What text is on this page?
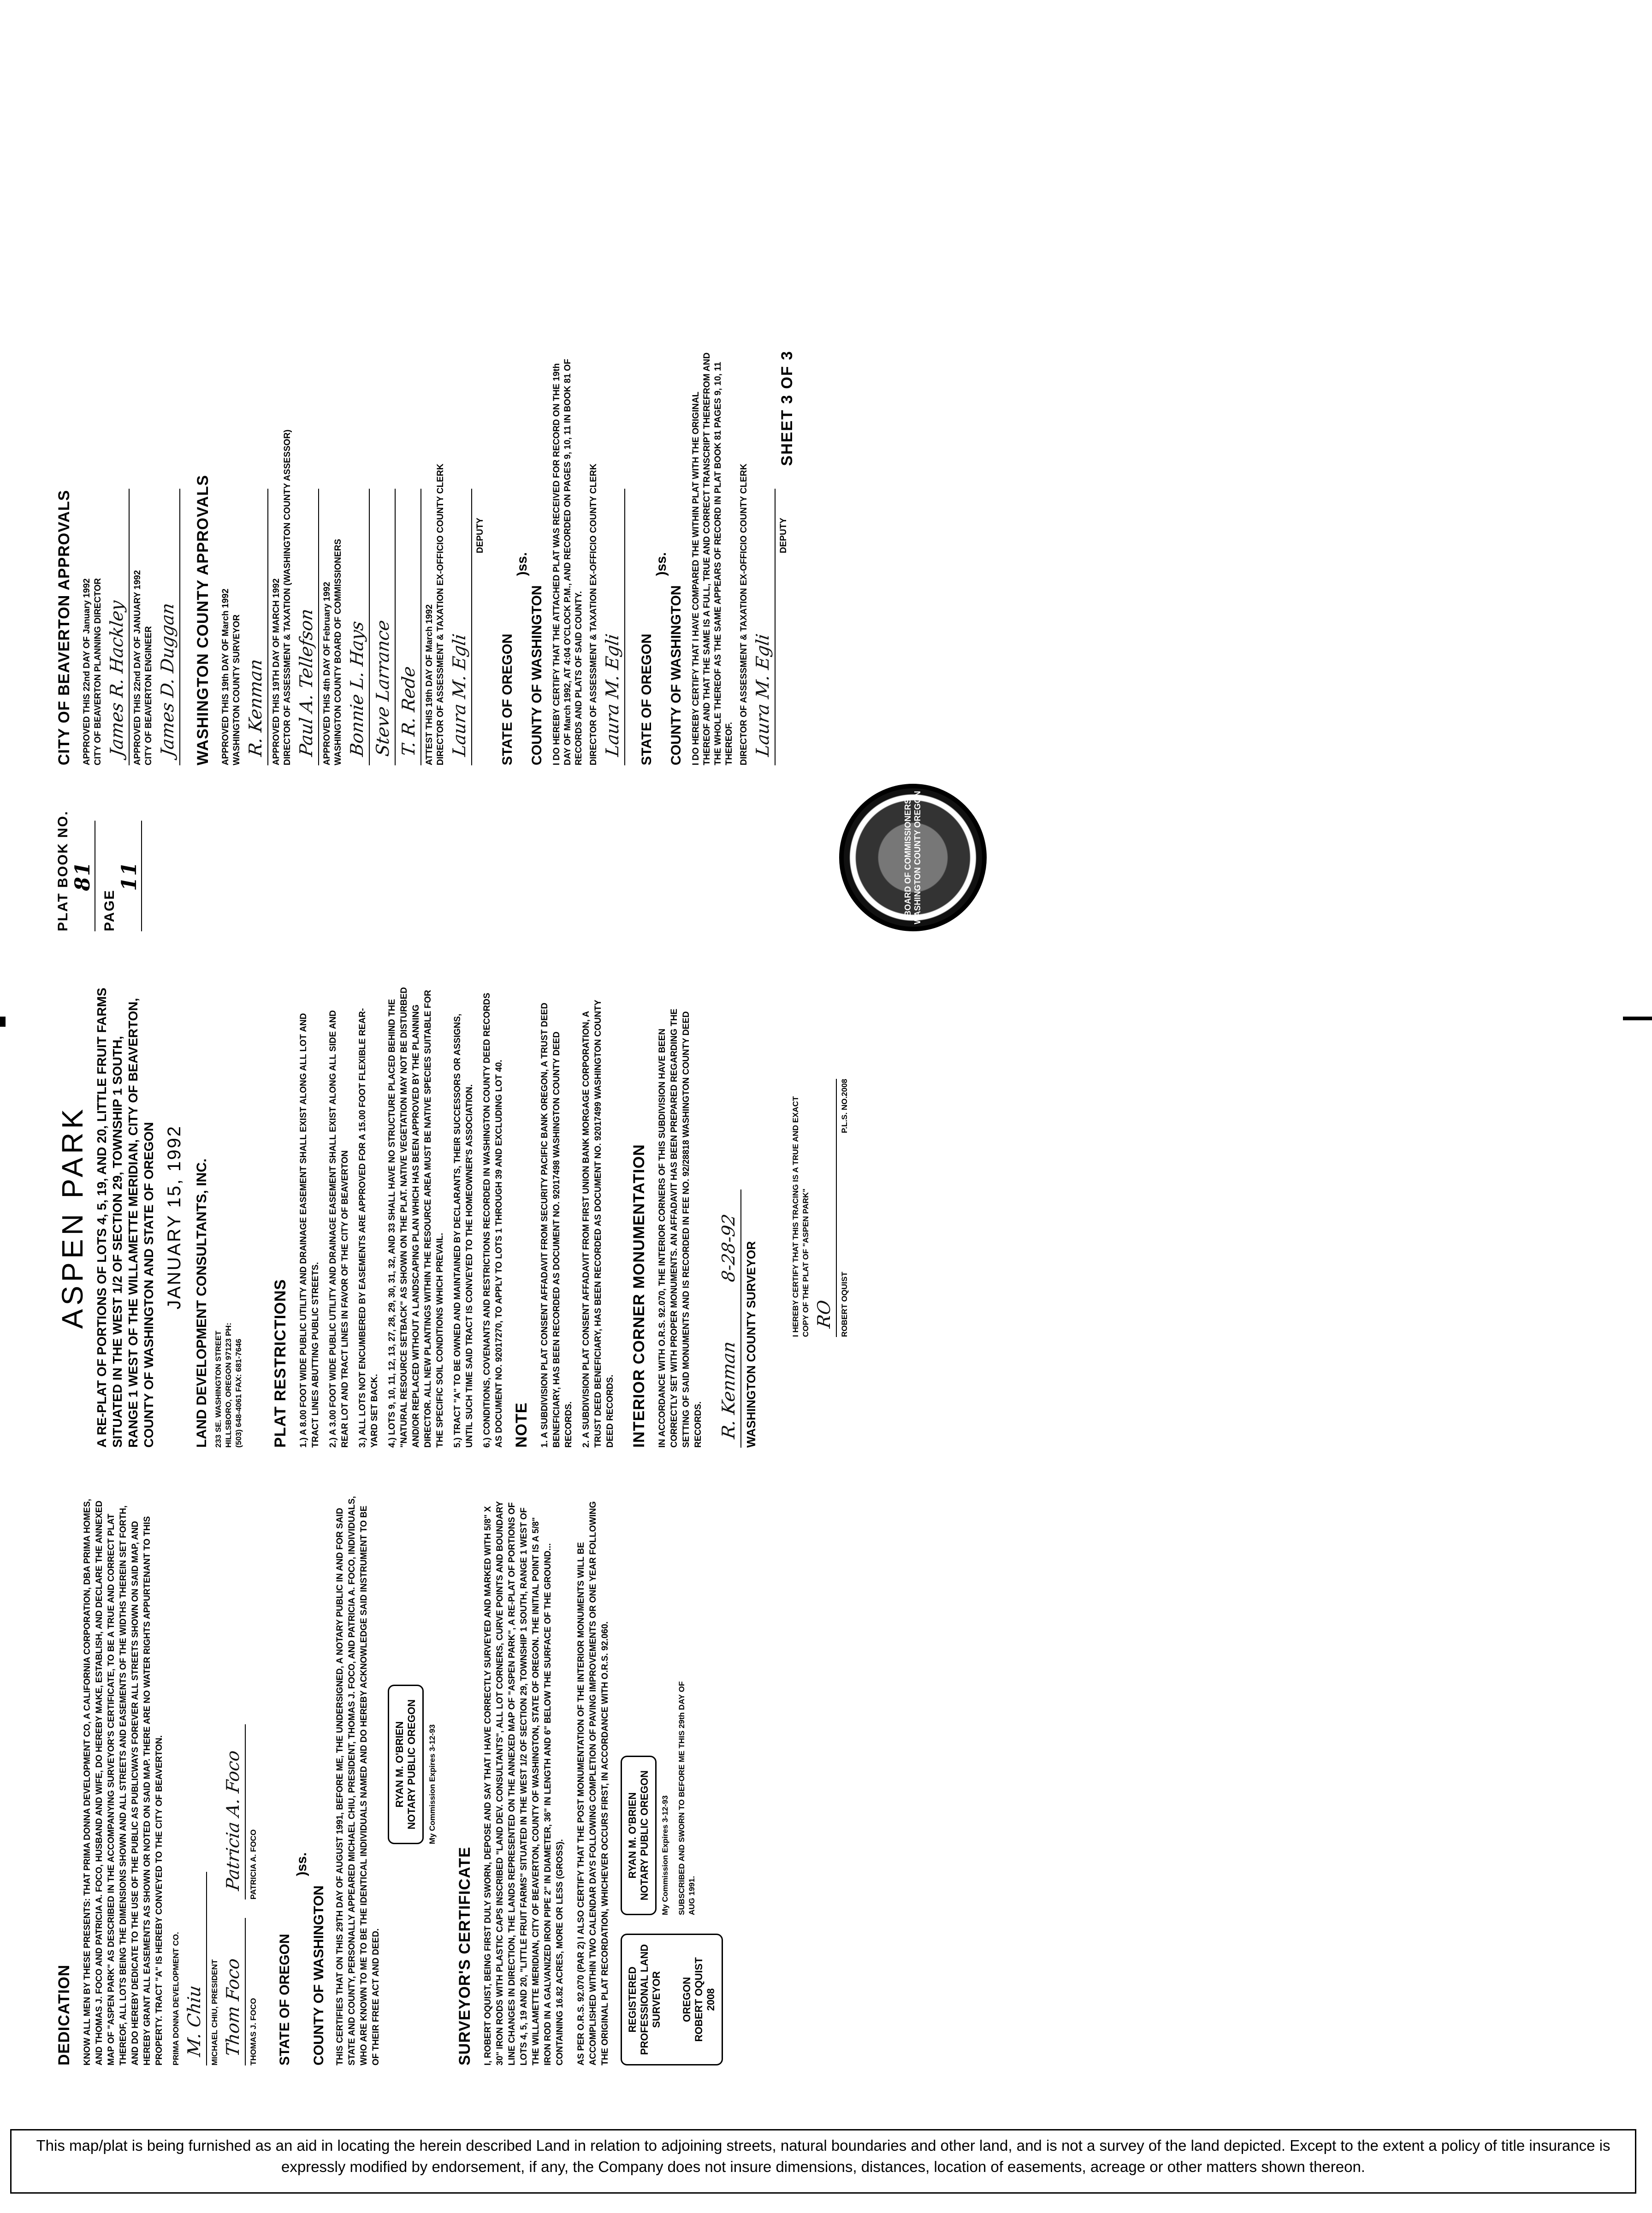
DEDICATION KNOW ALL MEN BY THESE PRESENTS: THAT PRIMA DONNA DEVELOPMENT CO, A CALIFORNIA CORPORATION, DBA PRIMA HOMES, AND THOMAS J. FOCO AND PATRICIA A. FOCO, HUSBAND AND WIFE, DO HEREBY MAKE, ESTABLISH, AND DECLARE THE ANNEXED MAP OF "ASPEN PARK" AS DESCRIBED IN THE ACCOMPANYING SURVEYOR'S CERTIFICATE, TO BE A TRUE AND CORRECT PLAT THEREOF, ALL LOTS BEING THE DIMENSIONS SHOWN AND ALL STREETS AND EASEMENTS OF THE WIDTHS THEREIN SET FORTH, AND DO HEREBY DEDICATE TO THE USE OF THE PUBLIC AS PUBLICWAYS FOREVER ALL STREETS SHOWN ON SAID MAP, AND HEREBY GRANT ALL EASEMENTS AS SHOWN OR NOTED ON SAID MAP. THERE ARE NO WATER RIGHTS APPURTENANT TO THIS PROPERTY. TRACT "A" IS HEREBY CONVEYED TO THE CITY OF BEAVERTON. PRIMA DONNA DEVELOPMENT CO. M. Chiu MICHAEL CHIU, PRESIDENT Thom Foco THOMAS J. FOCO
Patricia A. Foco PATRICIA A. FOCO
STATE OF OREGON COUNTY OF WASHINGTON
)ss.	THIS CERTIFIES THAT ON THIS 29TH DAY OF AUGUST 1991, BEFORE ME, THE UNDERSIGNED, A NOTARY PUBLIC IN AND FOR SAID STATE AND COUNTY, PERSONALLY APPEARED MICHAEL CHIU, PRESIDENT, THOMAS J. FOCO, AND PATRICIA A. FOCO, INDIVIDUALS, WHO ARE KNOWN TO ME TO BE THE IDENTICAL INDIVIDUALS NAMED AND DO HEREBY ACKNOWLEDGE SAID INSTRUMENT TO BE OF THEIR FREE ACT AND DEED.
RYAN M. O'BRIEN NOTARY PUBLIC OREGON My Commission Expires 3-12-93
SURVEYOR'S CERTIFICATE I, ROBERT OQUIST, BEING FIRST DULY SWORN, DEPOSE AND SAY THAT I HAVE CORRECTLY SURVEYED AND MARKED WITH 5/8" X 30" IRON RODS WITH PLASTIC CAPS INSCRIBED "LAND DEV. CONSULTANTS", ALL LOT CORNERS, CURVE POINTS AND BOUNDARY LINE CHANGES IN DIRECTION, THE LANDS REPRESENTED ON THE ANNEXED MAP OF "ASPEN PARK", A RE-PLAT OF PORTIONS OF LOTS 4, 5, 19 AND 20, "LITTLE FRUIT FARMS" SITUATED IN THE WEST 1/2 OF SECTION 29, TOWNSHIP 1 SOUTH, RANGE 1 WEST OF THE WILLAMETTE MERIDIAN, CITY OF BEAVERTON, COUNTY OF WASHINGTON, STATE OF OREGON. THE INITIAL POINT IS A 5/8" IRON ROD IN A GALVANIZED IRON PIPE 2" IN DIAMETER, 36" IN LENGTH AND 6" BELOW THE SURFACE OF THE GROUND... CONTAINING 16.82 ACRES, MORE OR LESS (GROSS). AS PER O.R.S. 92.070 (PAR 2) I ALSO CERTIFY THAT THE POST MONUMENTATION OF THE INTERIOR MONUMENTS WILL BE ACCOMPLISHED WITHIN TWO CALENDAR DAYS FOLLOWING COMPLETION OF PAVING IMPROVEMENTS OR ONE YEAR FOLLOWING THE ORIGINAL PLAT RECORDATION, WHICHEVER OCCURS FIRST, IN ACCORDANCE WITH O.R.S. 92.060. REGISTERED PROFESSIONAL LAND SURVEYOR OREGON ROBERT OQUIST 2008
RYAN M. O'BRIEN NOTARY PUBLIC OREGON My Commission Expires 3-12-93 SUBSCRIBED AND SWORN TO BEFORE ME THIS 29th DAY OF AUG 1991.
ASPEN PARK A RE-PLAT OF PORTIONS OF LOTS 4, 5, 19, AND 20, LITTLE FRUIT FARMS SITUATED IN THE WEST 1/2 OF SECTION 29, TOWNSHIP 1 SOUTH, RANGE 1 WEST OF THE WILLAMETTE MERIDIAN, CITY OF BEAVERTON, COUNTY OF WASHINGTON AND STATE OF OREGON JANUARY 15, 1992 LAND DEVELOPMENT CONSULTANTS, INC. 233 SE. WASHINGTON STREET HILLSBORO, OREGON 97123 PH: (503) 648-4061 FAX: 681-7646 PLAT RESTRICTIONS 1.) A 8.00 FOOT WIDE PUBLIC UTILITY AND DRAINAGE EASEMENT SHALL EXIST ALONG ALL LOT AND TRACT LINES ABUTTING PUBLIC STREETS. 2.) A 3.00 FOOT WIDE PUBLIC UTILITY AND DRAINAGE EASEMENT SHALL EXIST ALONG ALL SIDE AND REAR LOT AND TRACT LINES IN FAVOR OF THE CITY OF BEAVERTON 3.) ALL LOTS NOT ENCUMBERED BY EASEMENTS ARE APPROVED FOR A 15.00 FOOT FLEXIBLE REAR-YARD SET BACK. 4.) LOTS 9, 10, 11, 12, 13, 27, 28, 29, 30, 31, 32, AND 33 SHALL HAVE NO STRUCTURE PLACED BEHIND THE "NATURAL RESOURCE SETBACK" AS SHOWN ON THE PLAT. NATIVE VEGETATION MAY NOT BE DISTURBED AND/OR REPLACED WITHOUT A LANDSCAPING PLAN WHICH HAS BEEN APPROVED BY THE PLANNING DIRECTOR. ALL NEW PLANTINGS WITHIN THE RESOURCE AREA MUST BE NATIVE SPECIES SUITABLE FOR THE SPECIFIC SOIL CONDITIONS WHICH PREVAIL. 5.) TRACT "A" TO BE OWNED AND MAINTAINED BY DECLARANTS, THEIR SUCCESSORS OR ASSIGNS, UNTIL SUCH TIME SAID TRACT IS CONVEYED TO THE HOMEOWNER'S ASSOCIATION. 6.) CONDITIONS, COVENANTS AND RESTRICTIONS RECORDED IN WASHINGTON COUNTY DEED RECORDS AS DOCUMENT NO. 92017270, TO APPLY TO LOTS 1 THROUGH 39 AND EXCLUDING LOT 40. NOTE 1. A SUBDIVISION PLAT CONSENT AFFADAVIT FROM SECURITY PACIFIC BANK OREGON, A TRUST DEED BENEFICIARY, HAS BEEN RECORDED AS DOCUMENT NO. 92017498 WASHINGTON COUNTY DEED RECORDS. 2. A SUBDIVISION PLAT CONSENT AFFADAVIT FROM FIRST UNION BANK MORGAGE CORPORATION, A TRUST DEED BENEFICIARY, HAS BEEN RECORDED AS DOCUMENT NO. 92017499 WASHINGTON COUNTY DEED RECORDS. INTERIOR CORNER MONUMENTATION IN ACCORDANCE WITH O.R.S. 92.070, THE INTERIOR CORNERS OF THIS SUBDIVISION HAVE BEEN CORRECTLY SET WITH PROPER MONUMENTS. AN AFFADAVIT HAS BEEN PREPARED REGARDING THE SETTING OF SAID MONUMENTS AND IS RECORDED IN FEE NO. 92/28818 WASHINGTON COUNTY DEED RECORDS. R. Kenman
8-28-92 WASHINGTON COUNTY SURVEYOR
I HEREBY CERTIFY THAT THIS TRACING IS A TRUE AND EXACT COPY OF THE PLAT OF "ASPEN PARK" RO ROBERT OQUIST
P.L.S. NO.2008
PLAT BOOK NO. 81
PAGE 11	BOARD OF COMMISSIONERS WASHINGTON COUNTY OREGON
CITY OF BEAVERTON APPROVALS APPROVED THIS 22nd DAY OF January 1992 CITY OF BEAVERTON PLANNING DIRECTOR James R. Hackley APPROVED THIS 22nd DAY OF JANUARY 1992 CITY OF BEAVERTON ENGINEER James D. Duggan WASHINGTON COUNTY APPROVALS APPROVED THIS 19th DAY OF March 1992 WASHINGTON COUNTY SURVEYOR R. Kenman APPROVED THIS 19TH DAY OF MARCH 1992 DIRECTOR OF ASSESSMENT & TAXATION (WASHINGTON COUNTY ASSESSOR) Paul A. Tellefson APPROVED THIS 4th DAY OF February 1992 WASHINGTON COUNTY BOARD OF COMMISSIONERS Bonnie L. Hays Steve Larrance T. R. Rede ATTEST THIS 19th DAY OF March 1992 DIRECTOR OF ASSESSMENT & TAXATION EX-OFFICIO COUNTY CLERK Laura M. Egli
DEPUTY
STATE OF OREGON COUNTY OF WASHINGTON
)ss.	I DO HEREBY CERTIFY THAT THE ATTACHED PLAT WAS RECEIVED FOR RECORD ON THE 19th DAY OF March 1992, AT 4:04 O'CLOCK P.M., AND RECORDED ON PAGES 9, 10, 11 IN BOOK 81 OF RECORDS AND PLATS OF SAID COUNTY. DIRECTOR OF ASSESSMENT & TAXATION EX-OFFICIO COUNTY CLERK Laura M. Egli STATE OF OREGON COUNTY OF WASHINGTON
)ss.	I DO HEREBY CERTIFY THAT I HAVE COMPARED THE WITHIN PLAT WITH THE ORIGINAL THEREOF AND THAT THE SAME IS A FULL, TRUE AND CORRECT TRANSCRIPT THEREFROM AND THE WHOLE THEREOF AS THE SAME APPEARS OF RECORD IN PLAT BOOK 81 PAGES 9, 10, 11 THEREOF. DIRECTOR OF ASSESSMENT & TAXATION EX-OFFICIO COUNTY CLERK Laura M. Egli
DEPUTY
SHEET 3 OF 3
This map/plat is being furnished as an aid in locating the herein described Land in relation to adjoining streets, natural boundaries and other land, and is not a survey of the land depicted. Except to the extent a policy of title insurance is expressly modified by endorsement, if any, the Company does not insure dimensions, distances, location of easements, acreage or other matters shown thereon.
